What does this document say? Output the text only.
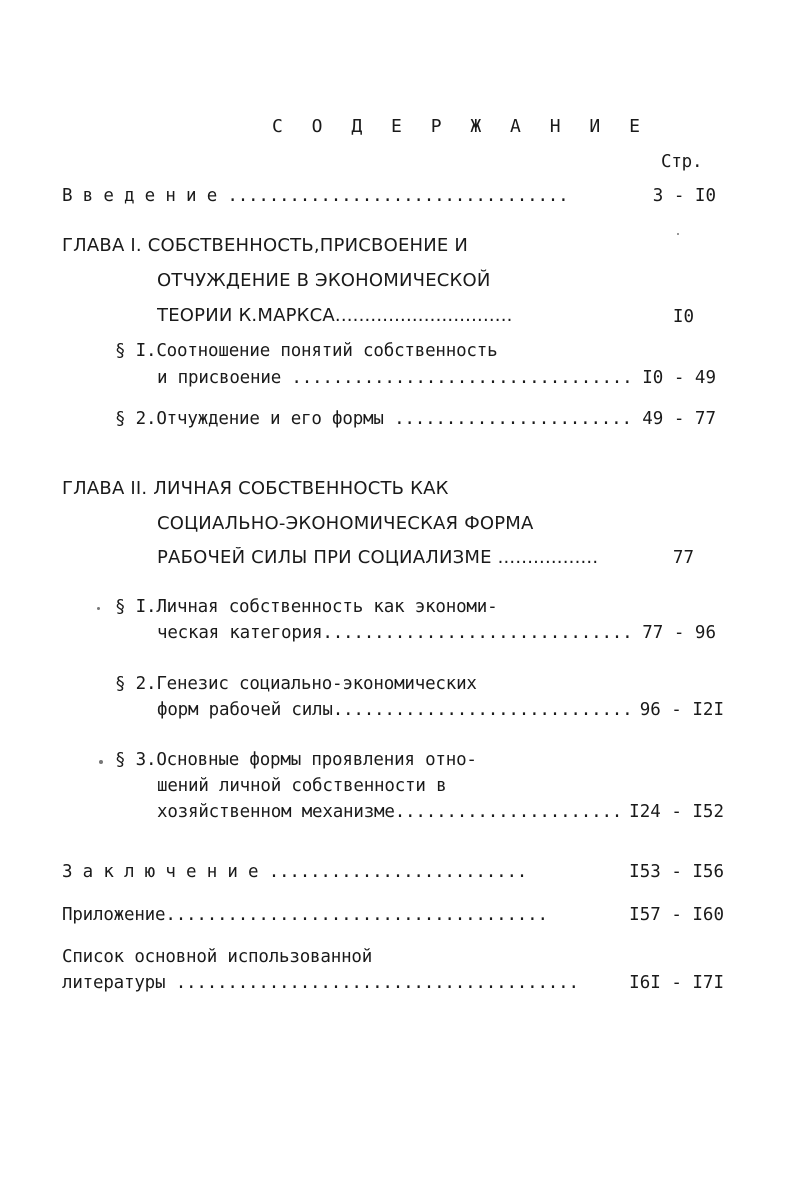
С О Д Е Р Ж А Н И Е
Стр.
В в е д е н и е .................................	3 - I0
ГЛАВА I. СОБСТВЕННОСТЬ,ПРИСВОЕНИЕ И
ОТЧУЖДЕНИЕ В ЭКОНОМИЧЕСКОЙ
ТЕОРИИ К.МАРКСА..............................	I0
§ I.Соотношение понятий собственность
и присвоение ................................. I0 - 49
§ 2.Отчуждение и его формы ....................... 49 - 77
ГЛАВА II. ЛИЧНАЯ СОБСТВЕННОСТЬ КАК
СОЦИАЛЬНО-ЭКОНОМИЧЕСКАЯ ФОРМА
РАБОЧЕЙ СИЛЫ ПРИ СОЦИАЛИЗМЕ .................	77
§ I.Личная собственность как экономи-
ческая категория.............................. 77 - 96
§ 2.Генезис социально-экономических
форм рабочей силы............................. 96 - I2I
§ 3.Основные формы проявления отно-
шений личной собственности в
хозяйственном механизме...................... I24 - I52
З а к л ю ч е н и е .........................	I53 - I56
Приложение.....................................	I57 - I60
Список основной использованной
литературы .......................................	I6I - I7I
